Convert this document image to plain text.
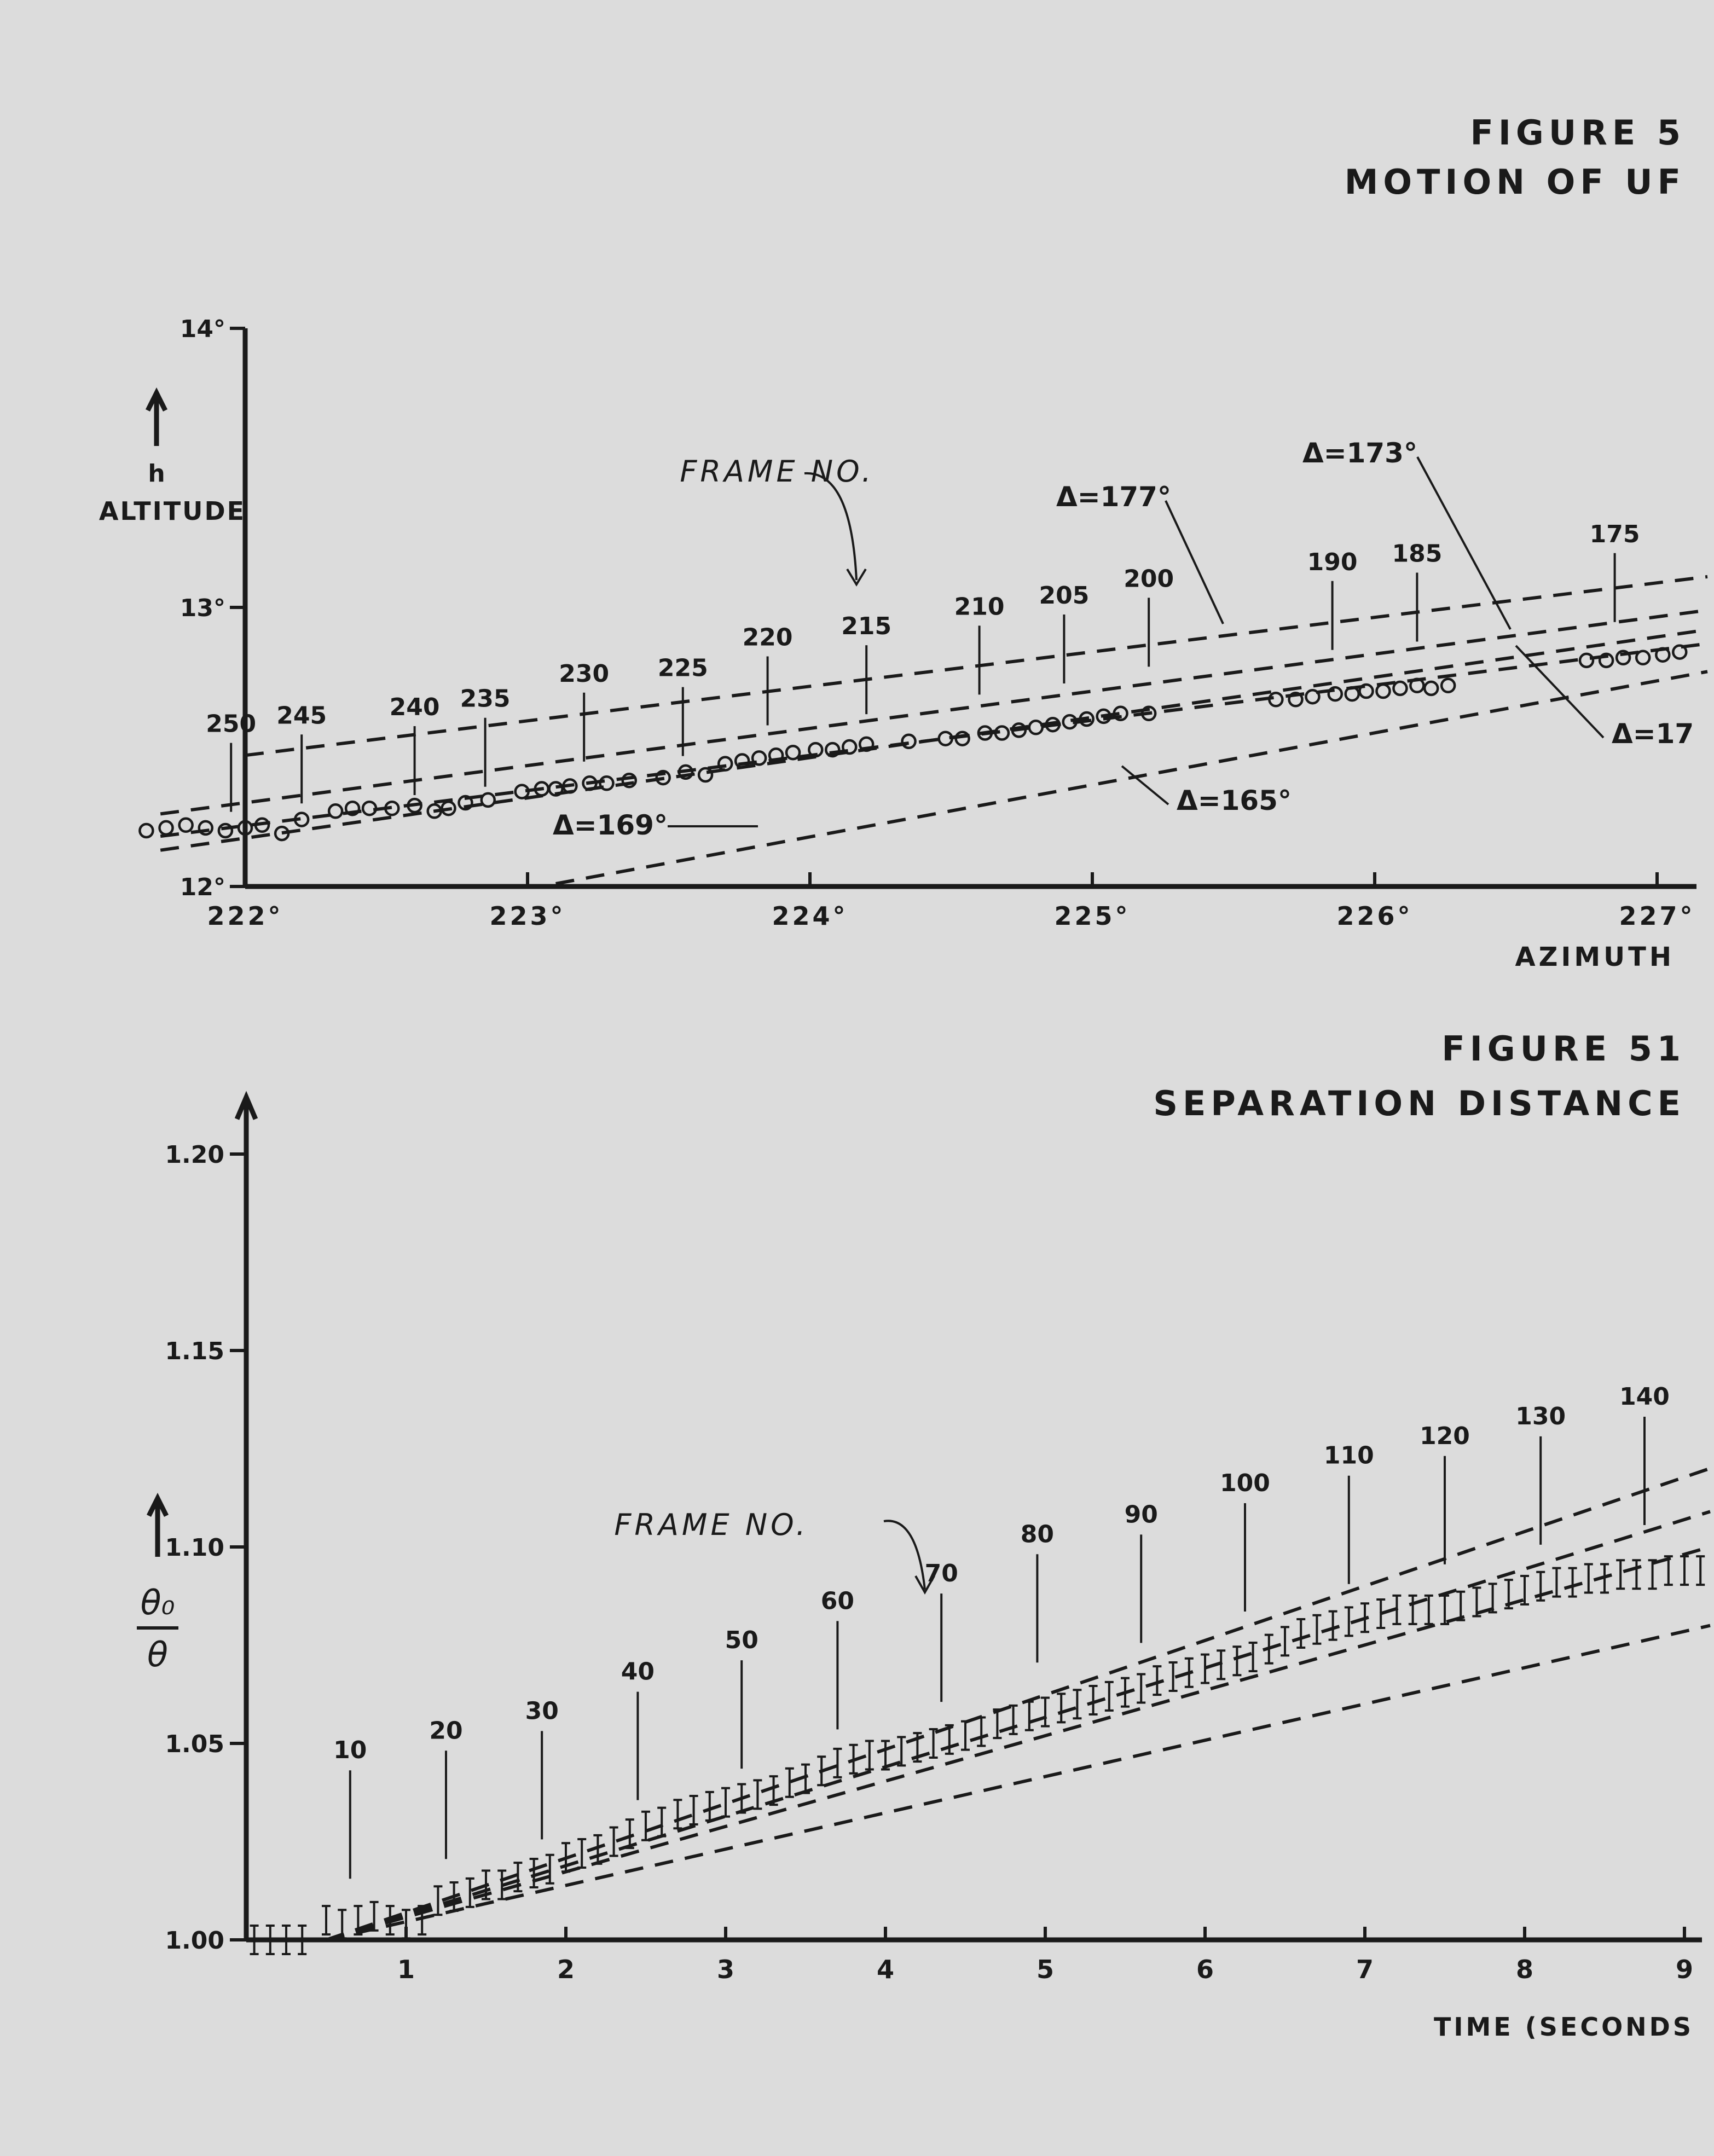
FIGURE 5
MOTION OF UF
FIGURE 51
SEPARATION DISTANCE
h
ALTITUDE
AZIMUTH
FRAME NO.
12°
13°
14°
222°	223°	224°	225°	226°	227°
Δ=177°
Δ=173°
Δ=169°
Δ=17
Δ=165°
250 245	240 235
230 225
220 215
210 205
200
190 185
175
θ₀
θ
TIME (SECONDS
FRAME NO.
1.00
1.05
1.10
1.15
1.20
1	2	3	4	5	6	7	8	9
10
20
30
40
50
60
70
80
90
100
110
120
130
140
